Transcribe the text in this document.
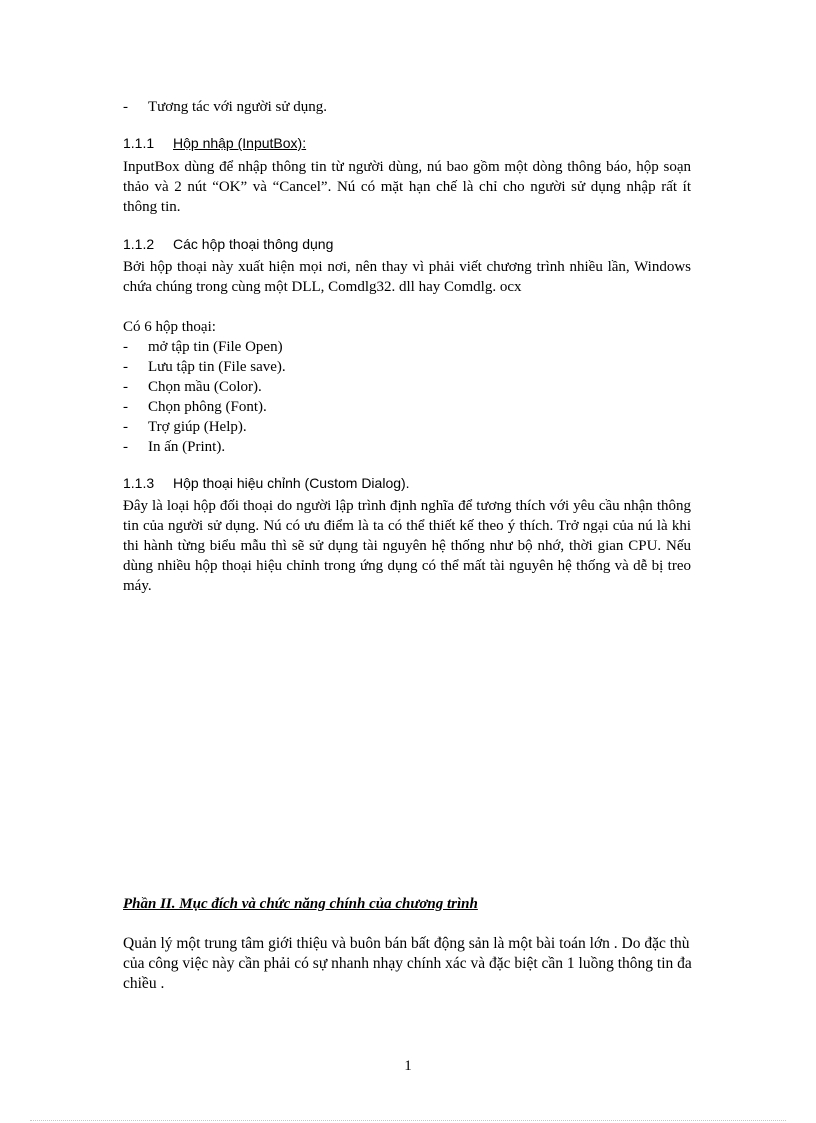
-	Tương tác với người sử dụng.
1.1.1 Hộp nhập (InputBox):
InputBox dùng để nhập thông tin từ người dùng, nú bao gồm một dòng thông báo, hộp soạn thảo và 2 nút “OK” và “Cancel”. Nú có mặt hạn chế là chỉ cho người sử dụng nhập rất ít thông tin.
1.1.2 Các hộp thoại thông dụng
Bởi hộp thoại này xuất hiện mọi nơi, nên thay vì phải viết chương trình nhiều lần, Windows chứa chúng trong cùng một DLL, Comdlg32. dll hay Comdlg. ocx
Có 6 hộp thoại:
-	mở tập tin (File Open)
-	Lưu tập tin (File save).
-	Chọn mầu (Color).
-	Chọn phông (Font).
-	Trợ giúp (Help).
-	In ấn (Print).
1.1.3 Hộp thoại hiệu chỉnh (Custom Dialog).
Đây là loại hộp đối thoại do người lập trình định nghĩa để tương thích với yêu cầu nhận thông tin của người sử dụng. Nú có ưu điểm là ta có thể thiết kế theo ý thích. Trở ngại của nú là khi thi hành từng biểu mẫu thì sẽ sử dụng tài nguyên hệ thống như bộ nhớ, thời gian CPU. Nếu dùng nhiều hộp thoại hiệu chỉnh trong ứng dụng có thể mất tài nguyên hệ thống và dễ bị treo máy.
Phần II. Mục đích và chức năng chính của chương trình
Quản lý một trung tâm giới thiệu và buôn bán bất động sản là một bài toán lớn . Do đặc thù của công việc này cần phải có sự nhanh nhạy chính xác và đặc biệt cần 1 luồng thông tin đa chiều .
1
